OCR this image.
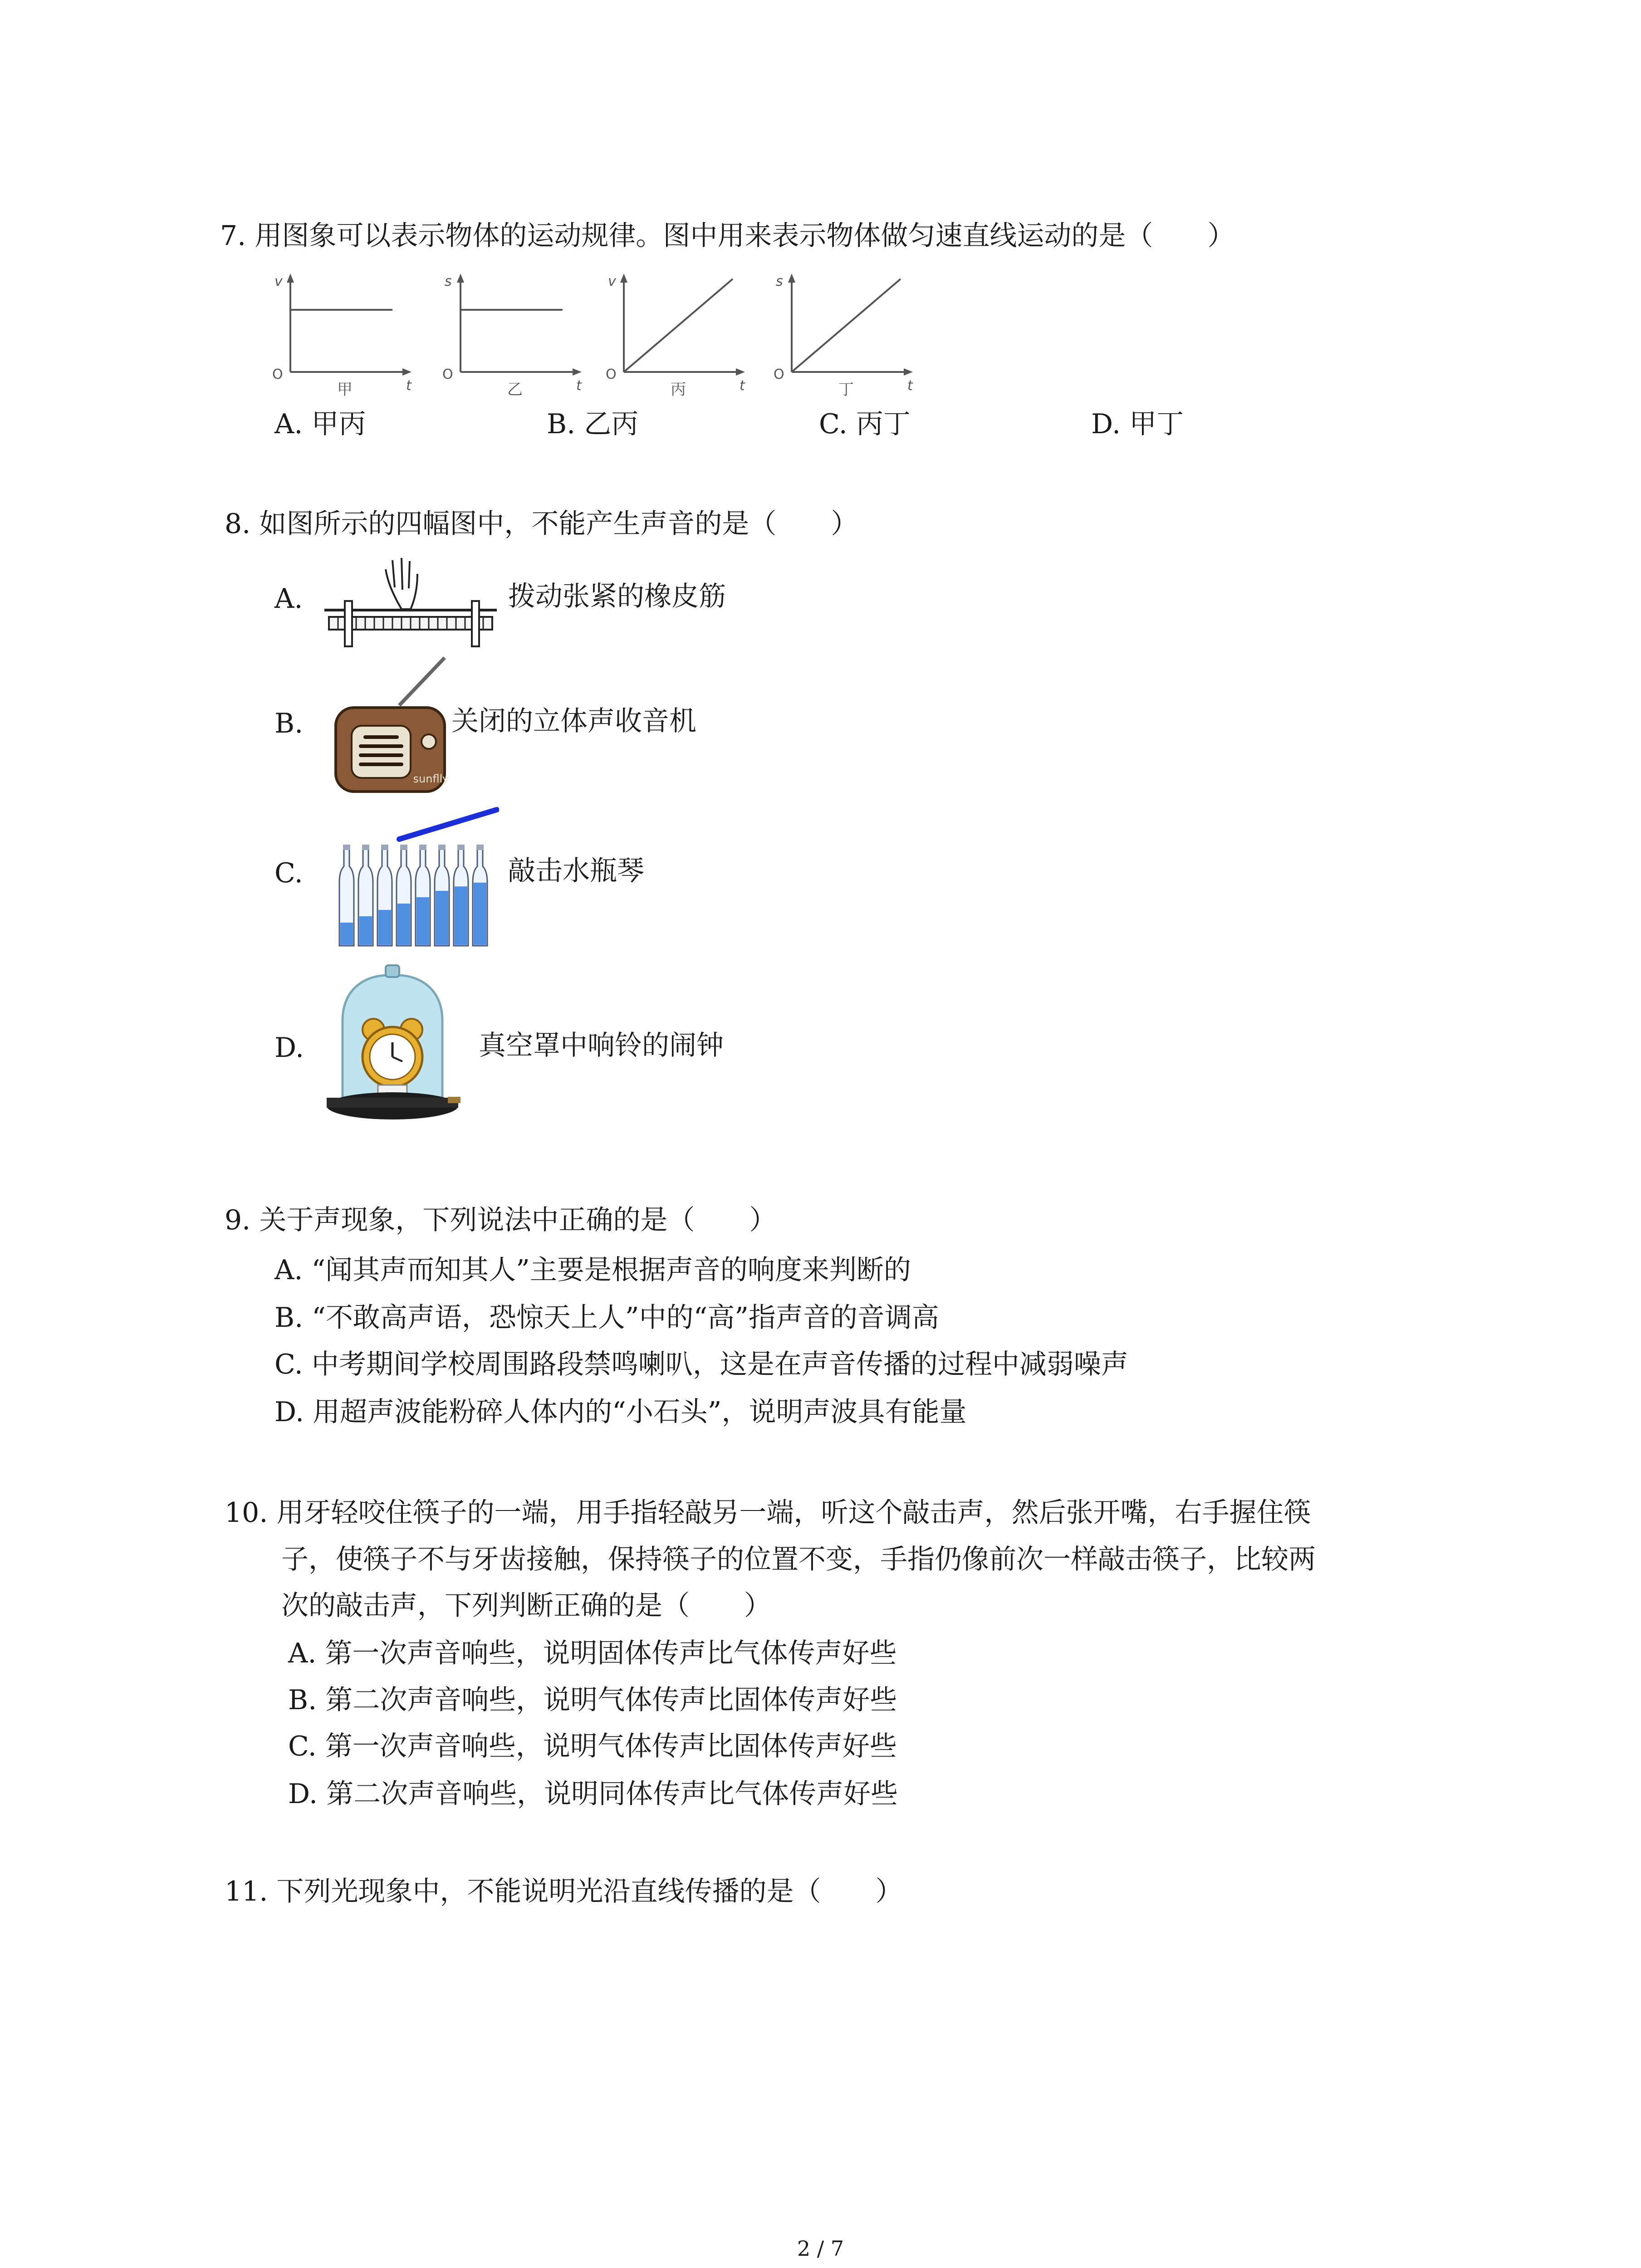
7. 用图象可以表示物体的运动规律。图中用来表示物体做匀速直线运动的是（　　）
v
O
t
甲
s
O
t
乙
v
O
t
丙
s
O
t
丁
A. 甲丙	B. 乙丙	C. 丙丁	D. 甲丁
8. 如图所示的四幅图中，不能产生声音的是（　　）
A.	拨动张紧的橡皮筋
B.
sunflly
关闭的立体声收音机
C.	敲击水瓶琴
D.	真空罩中响铃的闹钟
9. 关于声现象，下列说法中正确的是（　　）
A. “闻其声而知其人”主要是根据声音的响度来判断的
B. “不敢高声语，恐惊天上人”中的“高”指声音的音调高
C. 中考期间学校周围路段禁鸣喇叭，这是在声音传播的过程中减弱噪声
D. 用超声波能粉碎人体内的“小石头”，说明声波具有能量
10. 用牙轻咬住筷子的一端，用手指轻敲另一端，听这个敲击声，然后张开嘴，右手握住筷
子，使筷子不与牙齿接触，保持筷子的位置不变，手指仍像前次一样敲击筷子，比较两
次的敲击声，下列判断正确的是（　　）
A. 第一次声音响些，说明固体传声比气体传声好些
B. 第二次声音响些，说明气体传声比固体传声好些
C. 第一次声音响些，说明气体传声比固体传声好些
D. 第二次声音响些，说明同体传声比气体传声好些
11. 下列光现象中，不能说明光沿直线传播的是（　　）
2 / 7
